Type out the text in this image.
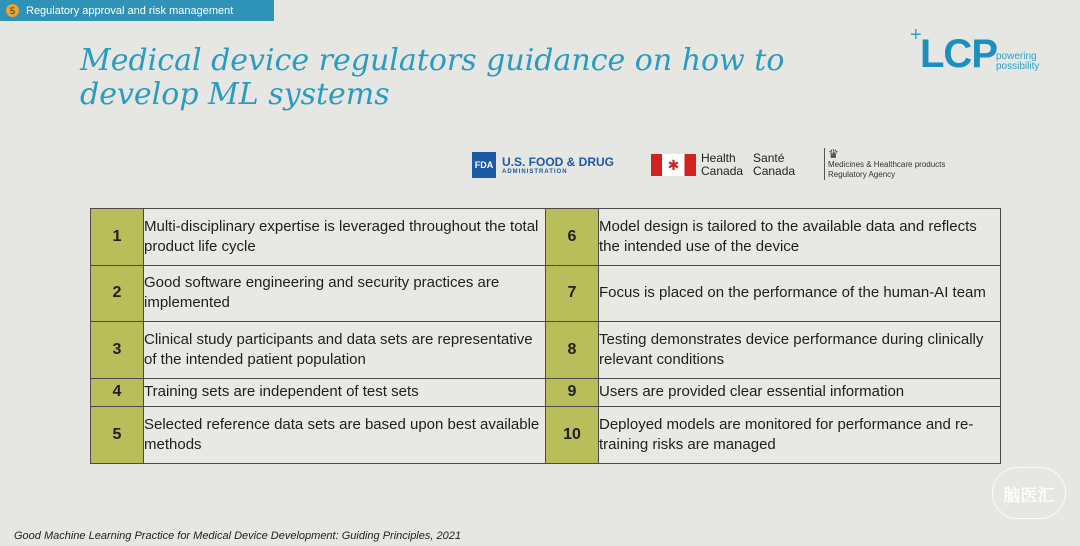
5	Regulatory approval and risk management
Medical device regulators guidance on how to develop ML systems
+
LCP powering
possibility
FDA U.S. FOOD & DRUG
ADMINISTRATION	✱ Health
Canada
Santé
Canada
♛
Medicines & Healthcare products
Regulatory Agency
1	Multi-disciplinary expertise is leveraged throughout the total product life cycle	6	Model design is tailored to the available data and reflects the intended use of the device
2	Good software engineering and security practices are implemented	7	Focus is placed on the performance of the human-AI team
3	Clinical study participants and data sets are representative of the intended patient population	8	Testing demonstrates device performance during clinically relevant conditions
4	Training sets are independent of test sets	9	Users are provided clear essential information
5	Selected reference data sets are based upon best available methods	10	Deployed models are monitored for performance and re-training risks are managed
Good Machine Learning Practice for Medical Device Development: Guiding Principles, 2021
脑医汇
